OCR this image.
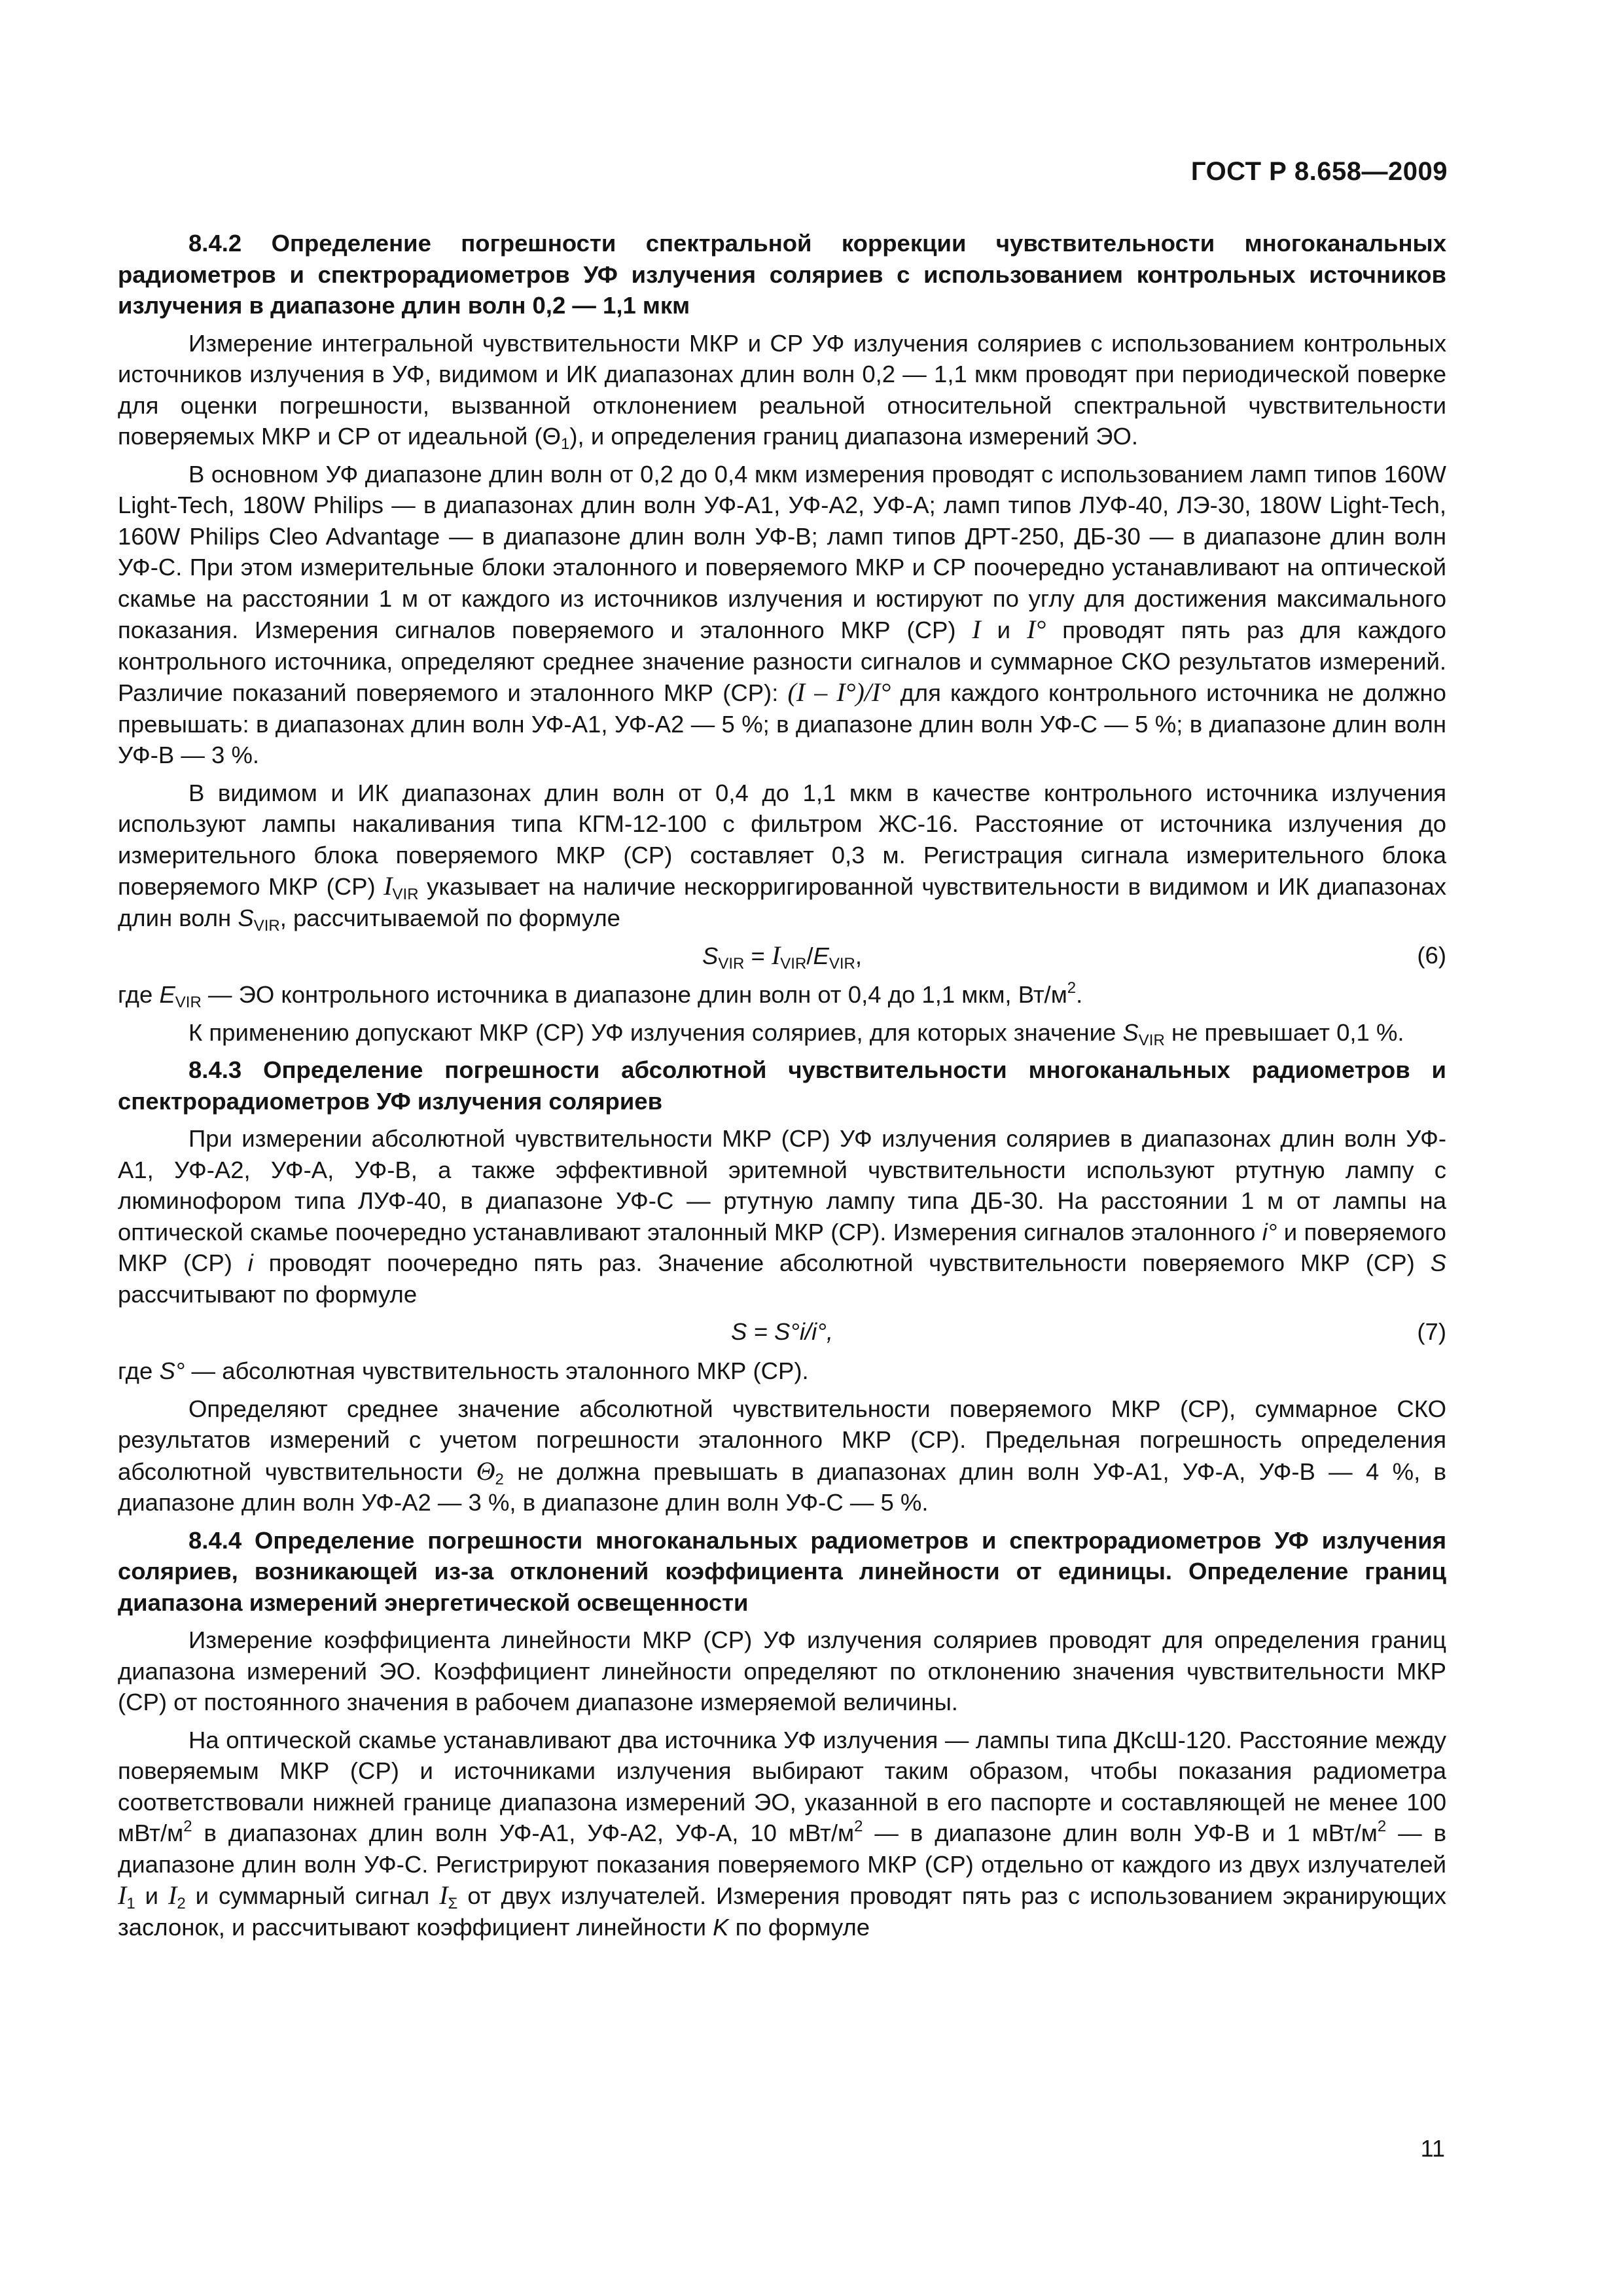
ГОСТ Р 8.658—2009

8.4.2 Определение погрешности спектральной коррекции чувствительности многоканальных радиометров и спектрорадиометров УФ излучения соляриев с использованием контрольных источников излучения в диапазоне длин волн 0,2 — 1,1 мкм

Измерение интегральной чувствительности МКР и СР УФ излучения соляриев с использованием контрольных источников излучения в УФ, видимом и ИК диапазонах длин волн 0,2 — 1,1 мкм проводят при периодической поверке для оценки погрешности, вызванной отклонением реальной относительной спектральной чувствительности поверяемых МКР и СР от идеальной $(\Theta_1)$, и определения границ диапазона измерений ЭО.

В основном УФ диапазоне длин волн от 0,2 до 0,4 мкм измерения проводят с использованием ламп типов 160W Light-Tech, 180W Philips — в диапазонах длин волн УФ-А1, УФ-А2, УФ-А; ламп типов ЛУФ-40, ЛЭ-30, 180W Light-Tech, 160W Philips Cleo Advantage — в диапазоне длин волн УФ-В; ламп типов ДРТ-250, ДБ-30 — в диапазоне длин волн УФ-С. При этом измерительные блоки эталонного и поверяемого МКР и СР поочередно устанавливают на оптической скамье на расстоянии 1 м от каждого из источников излучения и юстируют по углу для достижения максимального показания. Измерения сигналов поверяемого и эталонного МКР (СР) I и I° проводят пять раз для каждого контрольного источника, определяют среднее значение разности сигналов и суммарное СКО результатов измерений. Различие показаний поверяемого и эталонного МКР (СР): (I – I°)/I° для каждого контрольного источника не должно превышать: в диапазонах длин волн УФ-А1, УФ-А2 — 5 %; в диапазоне длин волн УФ-С — 5 %; в диапазоне длин волн УФ-В — 3 %.

В видимом и ИК диапазонах длин волн от 0,4 до 1,1 мкм в качестве контрольного источника излучения используют лампы накаливания типа КГМ-12-100 с фильтром ЖС-16. Расстояние от источника излучения до измерительного блока поверяемого МКР (СР) составляет 0,3 м. Регистрация сигнала измерительного блока поверяемого МКР (СР) $I_{VIR}$ указывает на наличие нескорригированной чувствительности в видимом и ИК диапазонах длин волн $S_{VIR}$, рассчитываемой по формуле

$S_{VIR} = I_{VIR}/E_{VIR}$,	(6)

где $E_{VIR}$ — ЭО контрольного источника в диапазоне длин волн от 0,4 до 1,1 мкм, $Вт/м^2$.

К применению допускают МКР (СР) УФ излучения соляриев, для которых значение $S_{VIR}$ не превышает 0,1 %.

8.4.3 Определение погрешности абсолютной чувствительности многоканальных радиометров и спектрорадиометров УФ излучения соляриев

При измерении абсолютной чувствительности МКР (СР) УФ излучения соляриев в диапазонах длин волн УФ-А1, УФ-А2, УФ-А, УФ-В, а также эффективной эритемной чувствительности используют ртутную лампу с люминофором типа ЛУФ-40, в диапазоне УФ-С — ртутную лампу типа ДБ-30. На расстоянии 1 м от лампы на оптической скамье поочередно устанавливают эталонный МКР (СР). Измерения сигналов эталонного i° и поверяемого МКР (СР) i проводят поочередно пять раз. Значение абсолютной чувствительности поверяемого МКР (СР) S рассчитывают по формуле

S = S°i/i°,	(7)

где S° — абсолютная чувствительность эталонного МКР (СР).

Определяют среднее значение абсолютной чувствительности поверяемого МКР (СР), суммарное СКО результатов измерений с учетом погрешности эталонного МКР (СР). Предельная погрешность определения абсолютной чувствительности $\Theta_2$ не должна превышать в диапазонах длин волн УФ-А1, УФ-А, УФ-В — 4 %, в диапазоне длин волн УФ-А2 — 3 %, в диапазоне длин волн УФ-С — 5 %.

8.4.4 Определение погрешности многоканальных радиометров и спектрорадиометров УФ излучения соляриев, возникающей из-за отклонений коэффициента линейности от единицы. Определение границ диапазона измерений энергетической освещенности

Измерение коэффициента линейности МКР (СР) УФ излучения соляриев проводят для определения границ диапазона измерений ЭО. Коэффициент линейности определяют по отклонению значения чувствительности МКР (СР) от постоянного значения в рабочем диапазоне измеряемой величины.

На оптической скамье устанавливают два источника УФ излучения — лампы типа ДКсШ-120. Расстояние между поверяемым МКР (СР) и источниками излучения выбирают таким образом, чтобы показания радиометра соответствовали нижней границе диапазона измерений ЭО, указанной в его паспорте и составляющей не менее 100 мВт/$м^2$ в диапазонах длин волн УФ-А1, УФ-А2, УФ-А, 10 мВт/$м^2$ — в диапазоне длин волн УФ-В и 1 мВт/$м^2$ — в диапазоне длин волн УФ-С. Регистрируют показания поверяемого МКР (СР) отдельно от каждого из двух излучателей $I_1$ и $I_2$ и суммарный сигнал $I_\Sigma$ от двух излучателей. Измерения проводят пять раз с использованием экранирующих заслонок, и рассчитывают коэффициент линейности K по формуле

11
